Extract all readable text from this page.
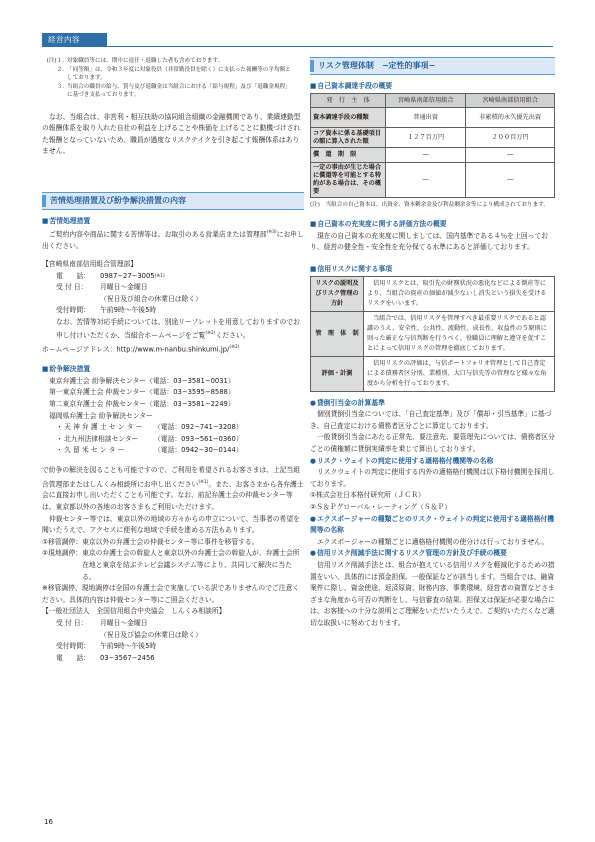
経営内容
(注)１. 対象職員等には、期中に退任・退職した者も含めております。
２. 「同等額」は、令和３年度に対象役員（非常勤役員を除く）に支払った報酬等の平均額としております。
３. 当組合の職員の給与、賞与及び退職金は当組合における「給与規程」及び「退職金規程」に基づき支払っております。

なお、当組合は、非営利・相互扶助の協同組合組織の金融機関であり、業績連動型の報酬体系を取り入れた自社の利益を上げることや株価を上げることに動機づけされた報酬となっていないため、職員が過度なリスクテイクを引き起こす報酬体系はありません。

苦情処理措置及び紛争解決措置の内容
■ 苦情処理措置

ご契約内容や商品に関する苦情等は、お取引のある営業店または管理部$^{(※3)}$にお申し出ください。

【宮崎県南部信用組合管理部】

電　　話：	0987−27−3005 (※1)
受 付 日：	月曜日〜金曜日
（祝日及び組合の休業日は除く）
受付時間：	午前9時〜午後5時

なお、苦情等対応手続については、別途リーフレットを用意しておりますのでお申し付けいただくか、当組合ホームページをご覧$^{(※2)}$ください。

ホームページアドレス：http://www.m-nanbu.shinkumi.jp/$^{(※2)}$

■ 紛争解決措置
東京弁護士会 紛争解決センター（電話：03−3581−0031）
第一東京弁護士会 仲裁センター（電話：03−3595−8588）
第二東京弁護士会 仲裁センター（電話：03−3581−2249）
福岡県弁護士会 紛争解決センター
・ 天 神 弁 護 士 セ ン タ ー	（電話：092−741−3208）
・ 北九州法律相談センター	（電話：093−561−0360）
・ 久 留 米 セ ン タ ー	（電話：0942−30−0144）

で紛争の解決を図ることも可能ですので、ご利用を希望されるお客さまは、上記当組合管理部またはしんくみ相談所にお申し出ください$^{(※1)}$。また、お客さまから各弁護士会に直接お申し出いただくことも可能です。なお、前記弁護士会の仲裁センター等は、東京都以外の各地のお客さまもご利用いただけます。

仲裁センター等では、東京以外の地域の方々からの申立について、当事者の希望を聞いたうえで、アクセスに便利な地域で手続を進める方法もあります。

①移管調停： 東京以外の弁護士会の仲裁センター等に事件を移管する。
②現地調停： 東京の弁護士会の斡旋人と東京以外の弁護士会の斡旋人が、弁護士会所在地と東京を結ぶテレビ会議システム等により、共同して解決に当たる。

※移管調停、現地調停は全国の弁護士会で実施している訳でありませんのでご注意ください。具体的内容は仲裁センター等にご照会ください。

【一般社団法人　全国信用組合中央協会　しんくみ相談所】

受 付 日：	月曜日〜金曜日
（祝日及び協会の休業日は除く）
受付時間：	午前9時〜午後5時
電　　話：	03−3567−2456
リスク管理体制　−定性的事項−
■ 自己資本調達手段の概要
発　行　主　体	宮崎県南部信用組合	宮崎県南部信用組合
資本調達手段の種類	普通出資	非累積的永久優先出資
コア資本に係る基礎項目の額に算入された額	１２７百万円	２００百万円
償　還　期　限	―	―
一定の事由が生じた場合に償還等を可能とする特約がある場合は、その概要	―	―

(注)　当組合の自己資本は、出資金、資本剰余金及び利益剰余金等により構成されております。

■ 自己資本の充実度に関する評価方法の概要

現在の自己資本の充実度に関しましては、国内基準である４％を上回っており、経営の健全性・安全性を充分保てる水準にあると評価しております。

■ 信用リスクに関する事項
リスクの説明及びリスク管理の方針	信用リスクとは、取引先の財務状況の悪化などによる倒産等により、当組合の資産の価値が減少ないし消失という損失を受けるリスクをいいます。

管　理　体　制	当組合では、信用リスクを管理すべき最重要リスクであると認識のうえ、安全性、公共性、流動性、成長性、収益性の５原則に則った厳正な与信判断を行うべく、役職員に理解と遵守を促すことによって信用リスクの管理を徹底しております。

評価・計測	信用リスクの評価は、与信ポートフォリオ管理として自己査定による債務者区分別、業種別、大口与信先等の管理など様々な角度から分析を行っております。

● 貸倒引当金の計算基準

個別貸倒引当金については、「自己査定基準」及び「償却・引当基準」に基づき、自己査定における債務者区分ごとに算定しております。

一般貸倒引当金にあたる正常先、要注意先、要管理先については、債務者区分ごとの債権額に貸倒実績率を乗じて算出しております。

● リスク・ウェイトの判定に使用する適格格付機関等の名称

リスクウェイトの判定に使用する内外の適格格付機関は以下格付機関を採用しております。

①株式会社日本格付研究所（ＪＣＲ）

②Ｓ＆Ｐグローバル・レーティング（Ｓ＆Ｐ）

● エクスポージャーの種類ごとのリスク・ウェイトの判定に使用する適格格付機関等の名称

エクスポージャーの種類ごとに適格格付機関の使分けは行っておりません。

● 信用リスク削減手法に関するリスク管理の方針及び手続の概要

信用リスク削減手法とは、組合が抱えている信用リスクを軽減化するための措置をいい、具体的には預金担保、一般保証などが該当します。当組合では、融資案件に際し、資金使途、返済原資、財務内容、事業環境、経営者の資質などさまざまな角度から可否の判断をし、与信審査の結果、担保又は保証が必要な場合には、お客様への十分な説明とご理解をいただいたうえで、ご契約いただくなど適切な取扱いに努めております。

16
